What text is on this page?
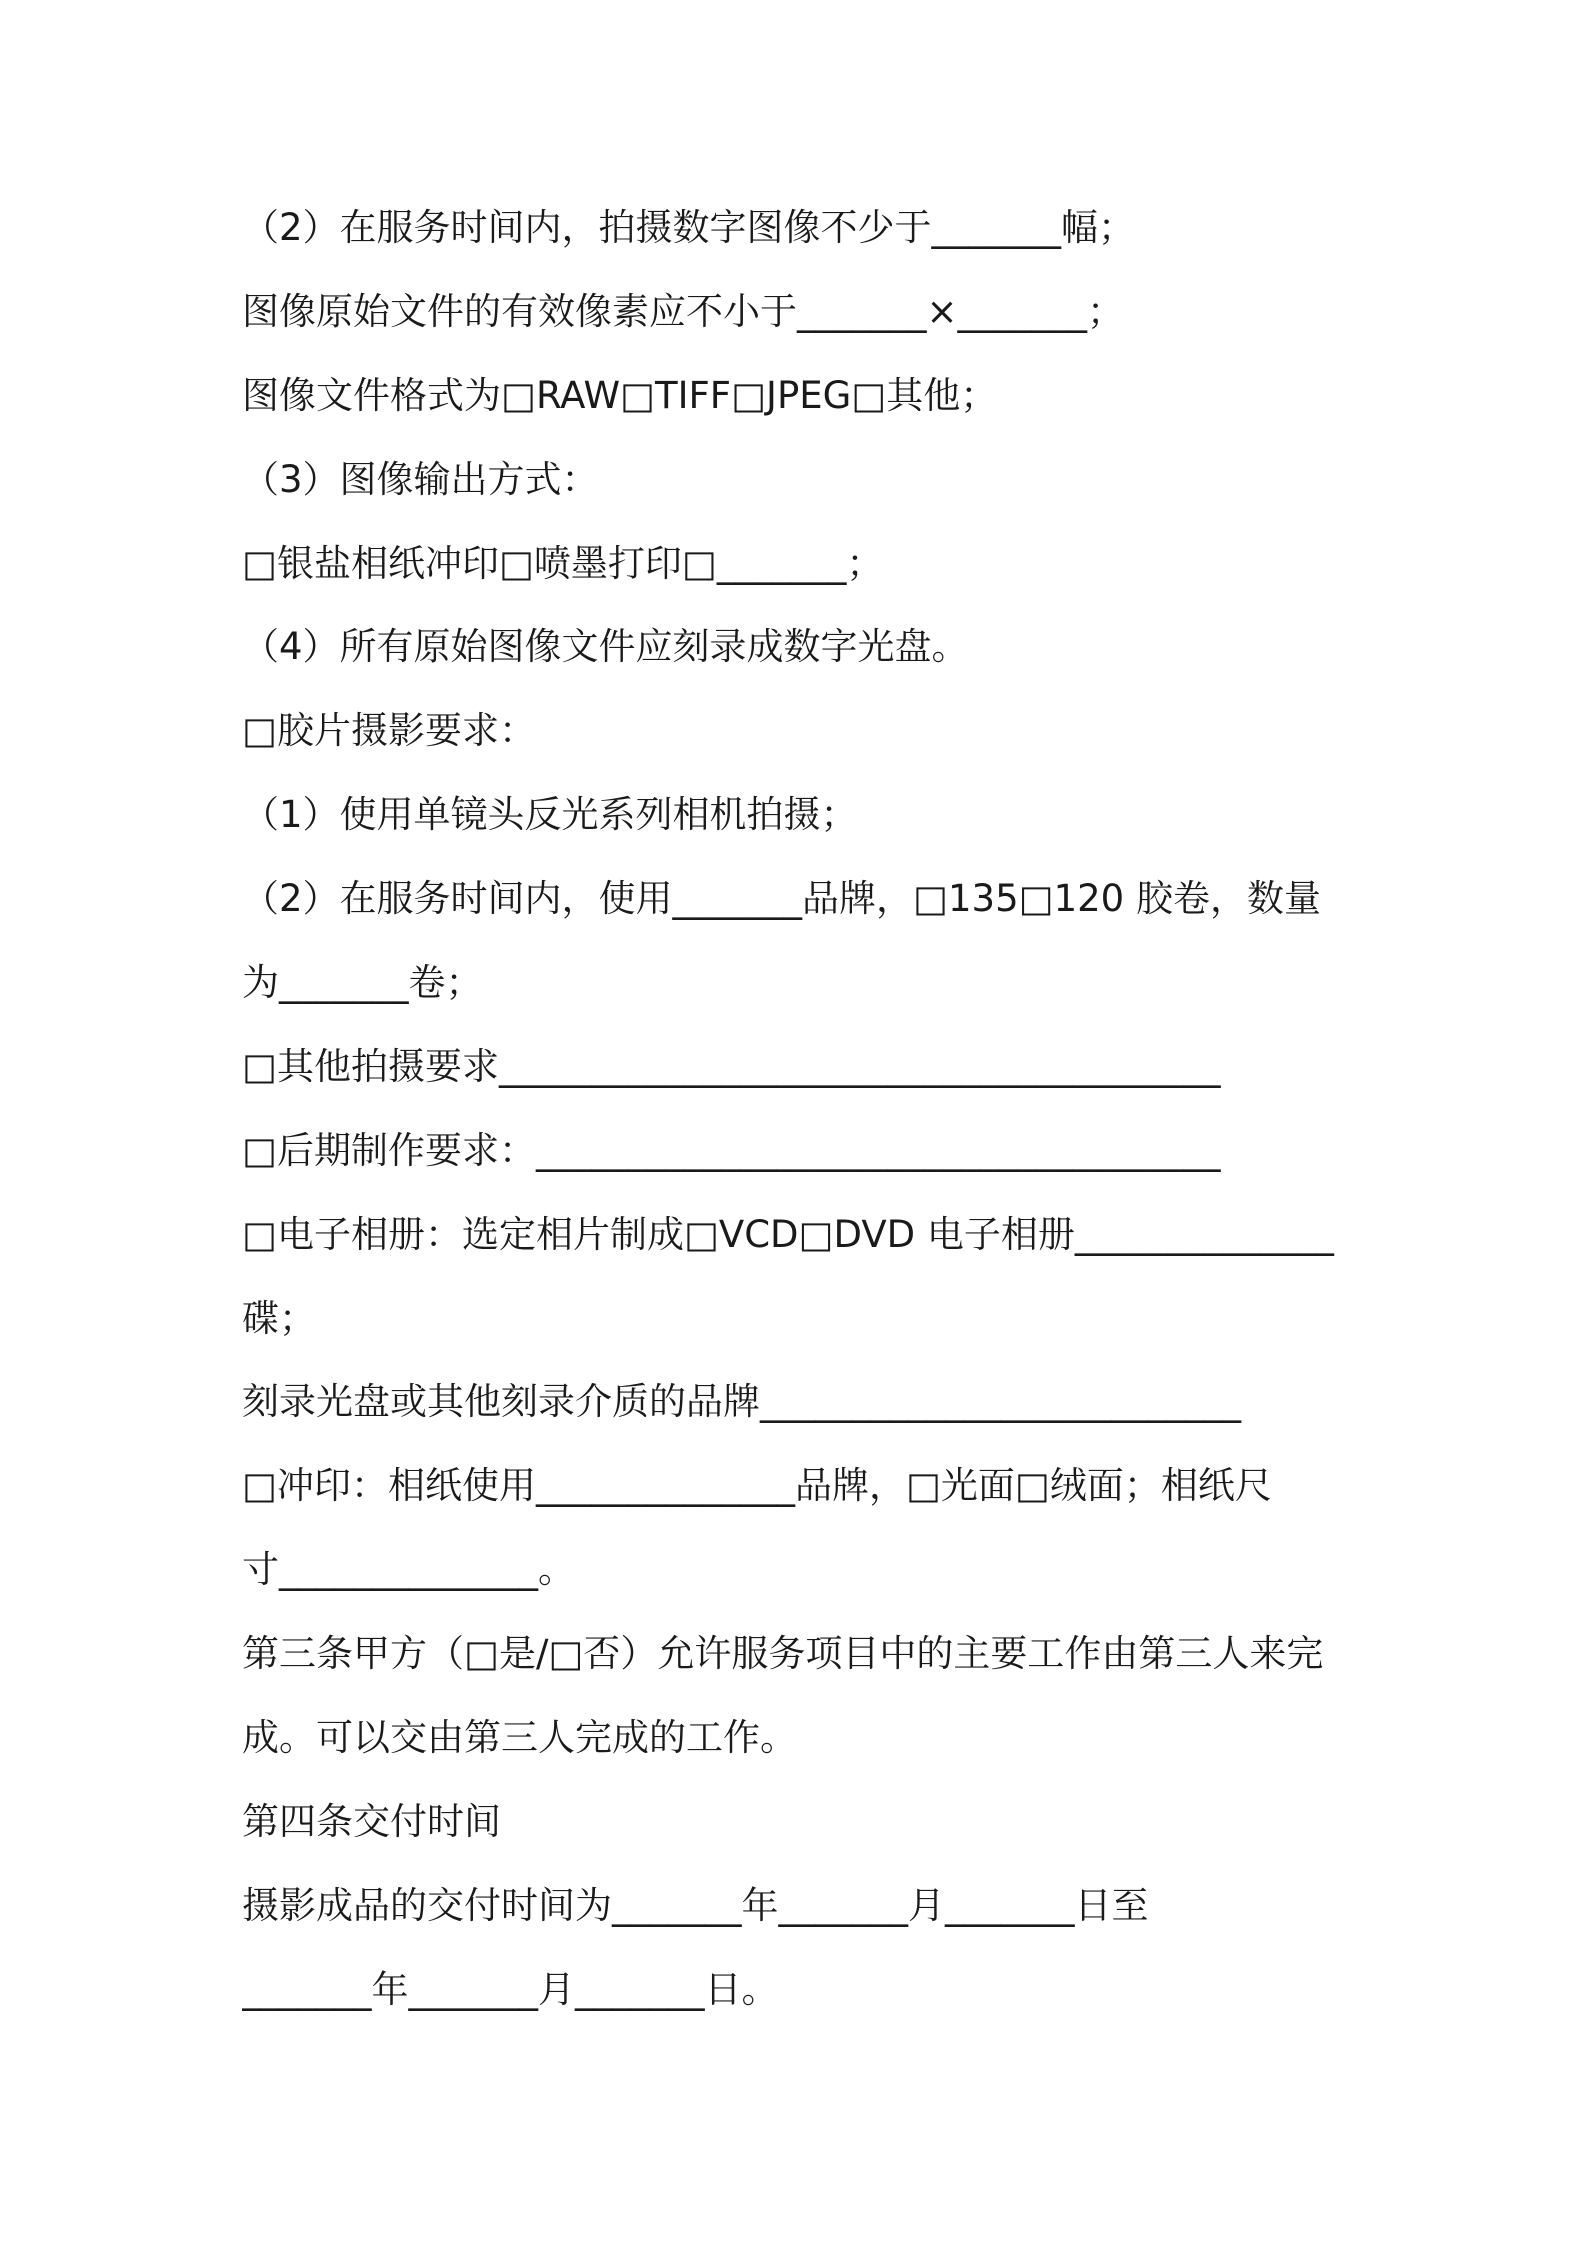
（2）在服务时间内，拍摄数字图像不少于_______幅；
图像原始文件的有效像素应不小于_______×_______；
图像文件格式为□RAW□TIFF□JPEG□其他；
（3）图像输出方式：
□银盐相纸冲印□喷墨打印□_______；
（4）所有原始图像文件应刻录成数字光盘。
□胶片摄影要求：
（1）使用单镜头反光系列相机拍摄；
（2）在服务时间内，使用_______品牌，□135□120 胶卷，数量
为_______卷；
□其他拍摄要求_______________________________________
□后期制作要求：_____________________________________
□电子相册：选定相片制成□VCD□DVD 电子相册______________
碟；
刻录光盘或其他刻录介质的品牌__________________________
□冲印：相纸使用______________品牌，□光面□绒面；相纸尺
寸______________。
第三条甲方（□是/□否）允许服务项目中的主要工作由第三人来完
成。可以交由第三人完成的工作。
第四条交付时间
摄影成品的交付时间为_______年_______月_______日至
_______年_______月_______日。
